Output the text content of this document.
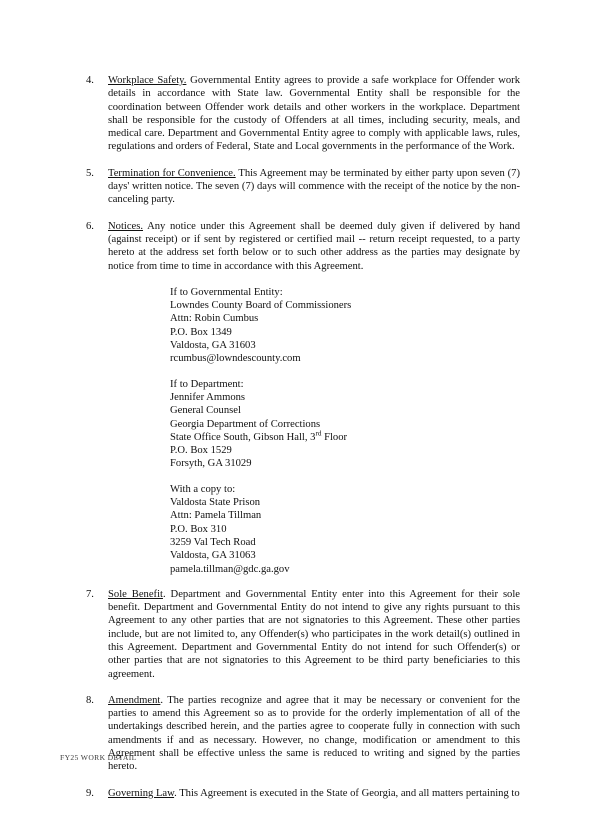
4.	Workplace Safety. Governmental Entity agrees to provide a safe workplace for Offender work details in accordance with State law. Governmental Entity shall be responsible for the coordination between Offender work details and other workers in the workplace. Department shall be responsible for the custody of Offenders at all times, including security, meals, and medical care. Department and Governmental Entity agree to comply with applicable laws, rules, regulations and orders of Federal, State and Local governments in the performance of the Work.
5.	Termination for Convenience. This Agreement may be terminated by either party upon seven (7) days' written notice. The seven (7) days will commence with the receipt of the notice by the non-canceling party.
6.	Notices. Any notice under this Agreement shall be deemed duly given if delivered by hand (against receipt) or if sent by registered or certified mail -- return receipt requested, to a party hereto at the address set forth below or to such other address as the parties may designate by notice from time to time in accordance with this Agreement.
If to Governmental Entity:
Lowndes County Board of Commissioners
Attn: Robin Cumbus
P.O. Box 1349
Valdosta, GA 31603
rcumbus@lowndescounty.com
If to Department:
Jennifer Ammons
General Counsel
Georgia Department of Corrections
State Office South, Gibson Hall, 3rd Floor
P.O. Box 1529
Forsyth, GA 31029
With a copy to:
Valdosta State Prison
Attn: Pamela Tillman
P.O. Box 310
3259 Val Tech Road
Valdosta, GA 31063
pamela.tillman@gdc.ga.gov
7.	Sole Benefit. Department and Governmental Entity enter into this Agreement for their sole benefit. Department and Governmental Entity do not intend to give any rights pursuant to this Agreement to any other parties that are not signatories to this Agreement. These other parties include, but are not limited to, any Offender(s) who participates in the work detail(s) outlined in this Agreement. Department and Governmental Entity do not intend for such Offender(s) or other parties that are not signatories to this Agreement to be third party beneficiaries to this agreement.
8.	Amendment. The parties recognize and agree that it may be necessary or convenient for the parties to amend this Agreement so as to provide for the orderly implementation of all of the undertakings described herein, and the parties agree to cooperate fully in connection with such amendments if and as necessary. However, no change, modification or amendment to this Agreement shall be effective unless the same is reduced to writing and signed by the parties hereto.
9.	Governing Law. This Agreement is executed in the State of Georgia, and all matters pertaining to
FY25 WORK DETAIL
